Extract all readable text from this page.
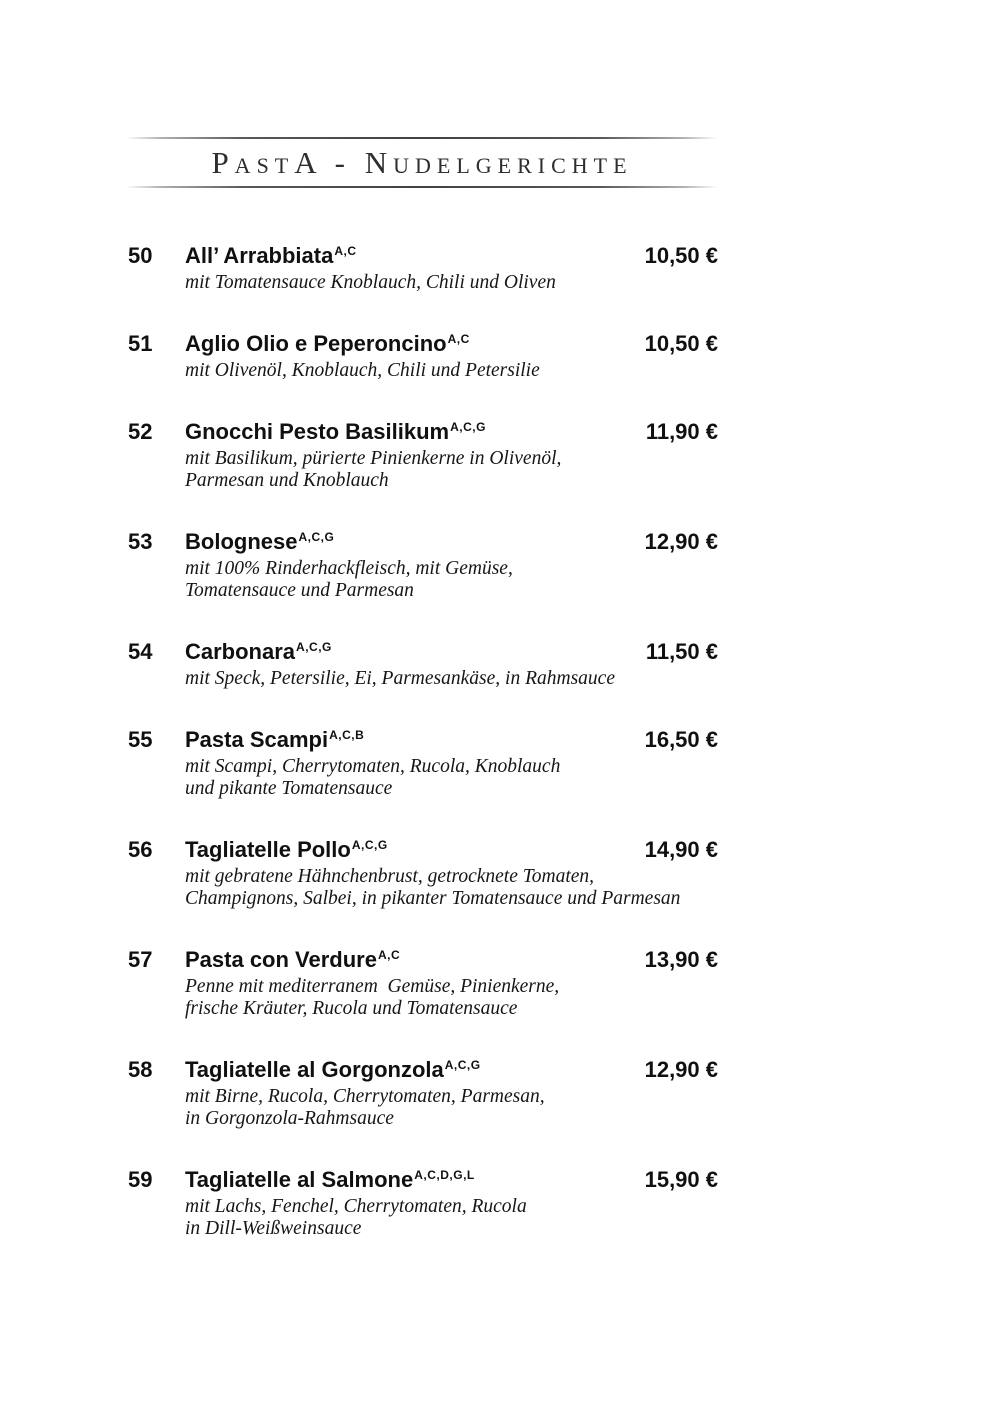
PastA - Nudelgerichte
50	All’ ArrabbiataA,C	10,50 €
mit Tomatensauce Knoblauch, Chili und Oliven
51	Aglio Olio e PeperoncinoA,C	10,50 €
mit Olivenöl, Knoblauch, Chili und Petersilie
52	Gnocchi Pesto BasilikumA,C,G	11,90 €
mit Basilikum, pürierte Pinienkerne in Olivenöl,
Parmesan und Knoblauch
53	BologneseA,C,G	12,90 €
mit 100% Rinderhackfleisch, mit Gemüse,
Tomatensauce und Parmesan
54	CarbonaraA,C,G	11,50 €
mit Speck, Petersilie, Ei, Parmesankäse, in Rahmsauce
55	Pasta ScampiA,C,B	16,50 €
mit Scampi, Cherrytomaten, Rucola, Knoblauch
und pikante Tomatensauce
56	Tagliatelle PolloA,C,G	14,90 €
mit gebratene Hähnchenbrust, getrocknete Tomaten,
Champignons, Salbei, in pikanter Tomatensauce und Parmesan
57	Pasta con VerdureA,C	13,90 €
Penne mit mediterranem  Gemüse, Pinienkerne,
frische Kräuter, Rucola und Tomatensauce
58	Tagliatelle al GorgonzolaA,C,G	12,90 €
mit Birne, Rucola, Cherrytomaten, Parmesan,
in Gorgonzola-Rahmsauce
59	Tagliatelle al SalmoneA,C,D,G,L	15,90 €
mit Lachs, Fenchel, Cherrytomaten, Rucola
in Dill-Weißweinsauce
